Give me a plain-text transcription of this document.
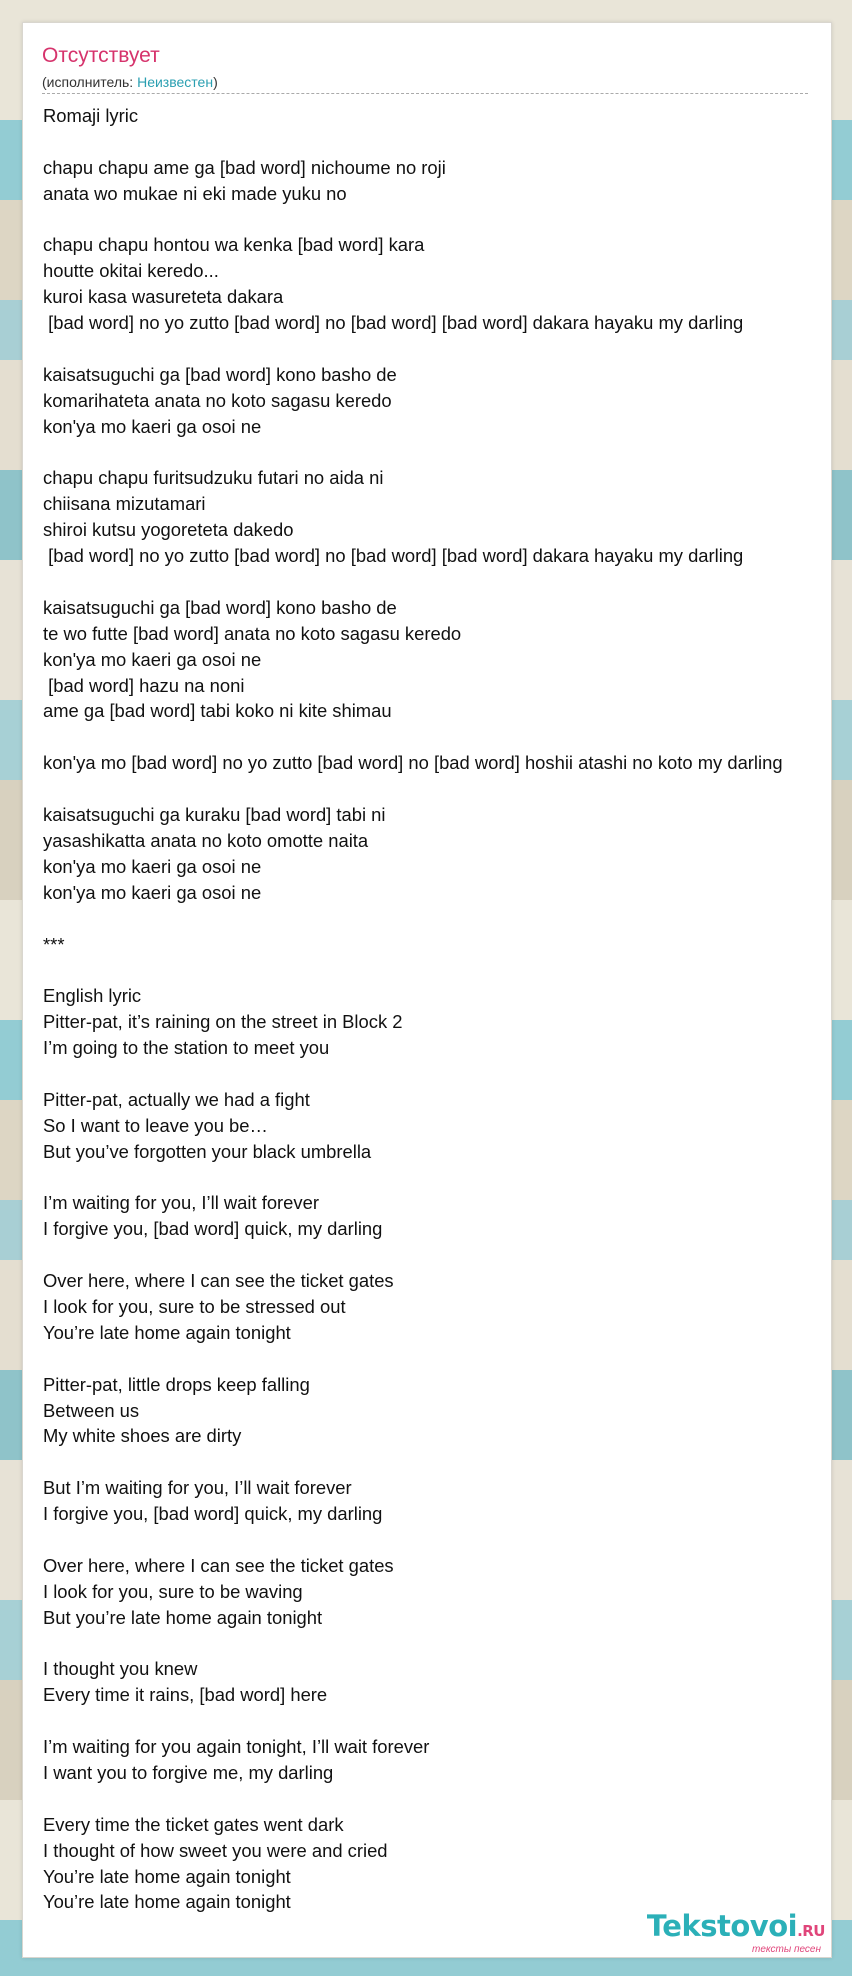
Отсутствует
(исполнитель: Неизвестен)
Romaji lyric
chapu chapu ame ga [bad word] nichoume no roji
anata wo mukae ni eki made yuku no
chapu chapu hontou wa kenka [bad word] kara
houtte okitai keredo...
kuroi kasa wasureteta dakara
[bad word] no yo zutto [bad word] no [bad word] [bad word] dakara hayaku my darling
kaisatsuguchi ga [bad word] kono basho de
komarihateta anata no koto sagasu keredo
kon'ya mo kaeri ga osoi ne
chapu chapu furitsudzuku futari no aida ni
chiisana mizutamari
shiroi kutsu yogoreteta dakedo
[bad word] no yo zutto [bad word] no [bad word] [bad word] dakara hayaku my darling
kaisatsuguchi ga [bad word] kono basho de
te wo futte [bad word] anata no koto sagasu keredo
kon'ya mo kaeri ga osoi ne
[bad word] hazu na noni
ame ga [bad word] tabi koko ni kite shimau
kon'ya mo [bad word] no yo zutto [bad word] no [bad word] hoshii atashi no koto my darling
kaisatsuguchi ga kuraku [bad word] tabi ni
yasashikatta anata no koto omotte naita
kon'ya mo kaeri ga osoi ne
kon'ya mo kaeri ga osoi ne
***
English lyric
Pitter-pat, it’s raining on the street in Block 2
I’m going to the station to meet you
Pitter-pat, actually we had a fight
So I want to leave you be…
But you’ve forgotten your black umbrella
I’m waiting for you, I’ll wait forever
I forgive you, [bad word] quick, my darling
Over here, where I can see the ticket gates
I look for you, sure to be stressed out
You’re late home again tonight
Pitter-pat, little drops keep falling
Between us
My white shoes are dirty
But I’m waiting for you, I’ll wait forever
I forgive you, [bad word] quick, my darling
Over here, where I can see the ticket gates
I look for you, sure to be waving
But you’re late home again tonight
I thought you knew
Every time it rains, [bad word] here
I’m waiting for you again tonight, I’ll wait forever
I want you to forgive me, my darling
Every time the ticket gates went dark
I thought of how sweet you were and cried
You’re late home again tonight
You’re late home again tonight
Tekstovoi.RU
тексты песен
